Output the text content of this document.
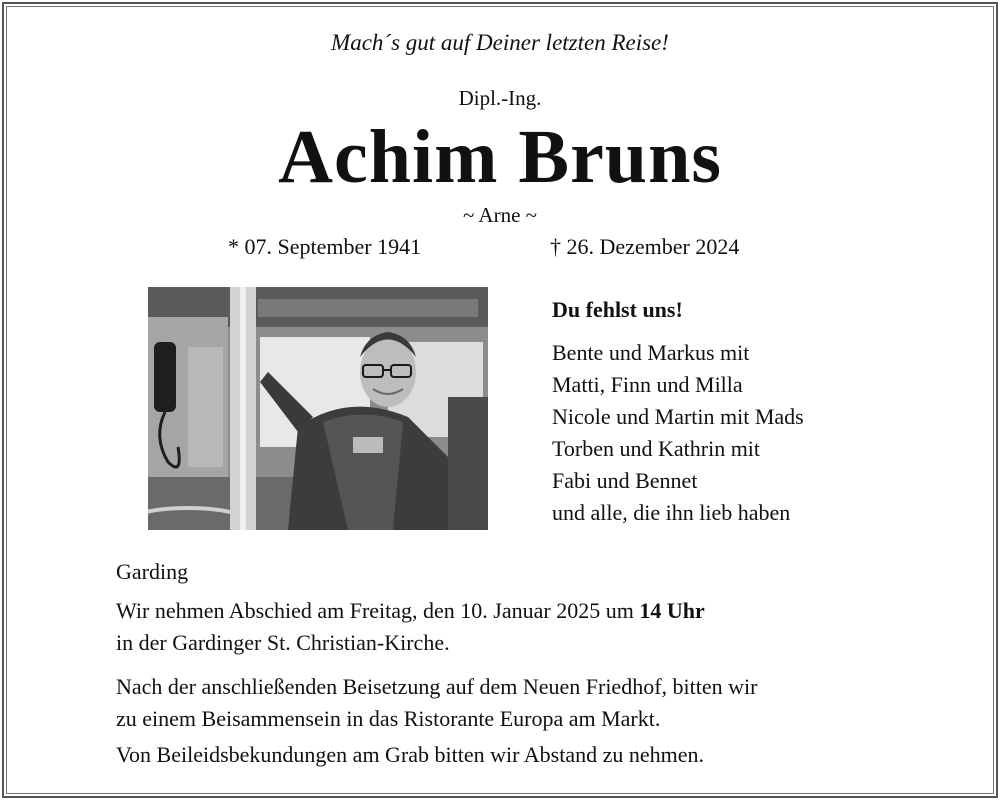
Mach´s gut auf Deiner letzten Reise!
Dipl.-Ing.
Achim Bruns
~ Arne ~
* 07. September 1941	† 26. Dezember 2024
Du fehlst uns!
Bente und Markus mit
Matti, Finn und Milla
Nicole und Martin mit Mads
Torben und Kathrin mit
Fabi und Bennet
und alle, die ihn lieb haben
Garding
Wir nehmen Abschied am Freitag, den 10. Januar 2025 um 14 Uhr
in der Gardinger St. Christian-Kirche.
Nach der anschließenden Beisetzung auf dem Neuen Friedhof, bitten wir
zu einem Beisammensein in das Ristorante Europa am Markt.
Von Beileidsbekundungen am Grab bitten wir Abstand zu nehmen.
